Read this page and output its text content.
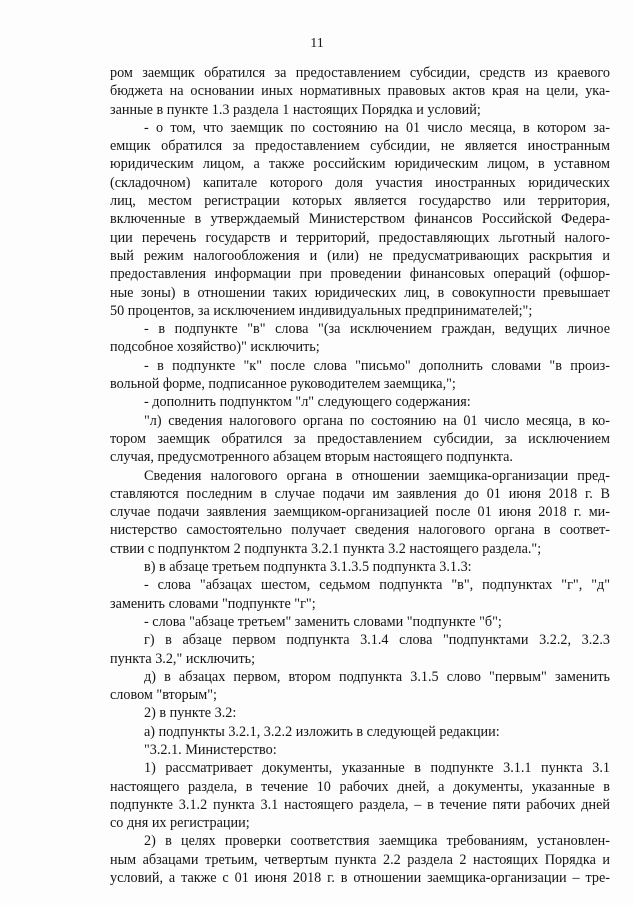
11
ром заемщик обратился за предоставлением субсидии, средств из краевого
бюджета на основании иных нормативных правовых актов края на цели, ука-
занные в пункте 1.3 раздела 1 настоящих Порядка и условий;
- о том, что заемщик по состоянию на 01 число месяца, в котором за-
емщик обратился за предоставлением субсидии, не является иностранным
юридическим лицом, а также российским юридическим лицом, в уставном
(складочном) капитале которого доля участия иностранных юридических
лиц, местом регистрации которых является государство или территория,
включенные в утверждаемый Министерством финансов Российской Федера-
ции перечень государств и территорий, предоставляющих льготный налого-
вый режим налогообложения и (или) не предусматривающих раскрытия и
предоставления информации при проведении финансовых операций (офшор-
ные зоны) в отношении таких юридических лиц, в совокупности превышает
50 процентов, за исключением индивидуальных предпринимателей;";
- в подпункте "в" слова "(за исключением граждан, ведущих личное
подсобное хозяйство)" исключить;
- в подпункте "к" после слова "письмо" дополнить словами "в произ-
вольной форме, подписанное руководителем заемщика,";
- дополнить подпунктом "л" следующего содержания:
"л) сведения налогового органа по состоянию на 01 число месяца, в ко-
тором заемщик обратился за предоставлением субсидии, за исключением
случая, предусмотренного абзацем вторым настоящего подпункта.
Сведения налогового органа в отношении заемщика-организации пред-
ставляются последним в случае подачи им заявления до 01 июня 2018 г. В
случае подачи заявления заемщиком-организацией после 01 июня 2018 г. ми-
нистерство самостоятельно получает сведения налогового органа в соответ-
ствии с подпунктом 2 подпункта 3.2.1 пункта 3.2 настоящего раздела.";
в) в абзаце третьем подпункта 3.1.3.5 подпункта 3.1.3:
- слова "абзацах шестом, седьмом подпункта "в", подпунктах "г", "д"
заменить словами "подпункте "г";
- слова "абзаце третьем" заменить словами "подпункте "б";
г) в абзаце первом подпункта 3.1.4 слова "подпунктами 3.2.2, 3.2.3
пункта 3.2," исключить;
д) в абзацах первом, втором подпункта 3.1.5 слово "первым" заменить
словом "вторым";
2) в пункте 3.2:
а) подпункты 3.2.1, 3.2.2 изложить в следующей редакции:
"3.2.1. Министерство:
1) рассматривает документы, указанные в подпункте 3.1.1 пункта 3.1
настоящего раздела, в течение 10 рабочих дней, а документы, указанные в
подпункте 3.1.2 пункта 3.1 настоящего раздела, – в течение пяти рабочих дней
со дня их регистрации;
2) в целях проверки соответствия заемщика требованиям, установлен-
ным абзацами третьим, четвертым пункта 2.2 раздела 2 настоящих Порядка и
условий, а также с 01 июня 2018 г. в отношении заемщика-организации – тре-
